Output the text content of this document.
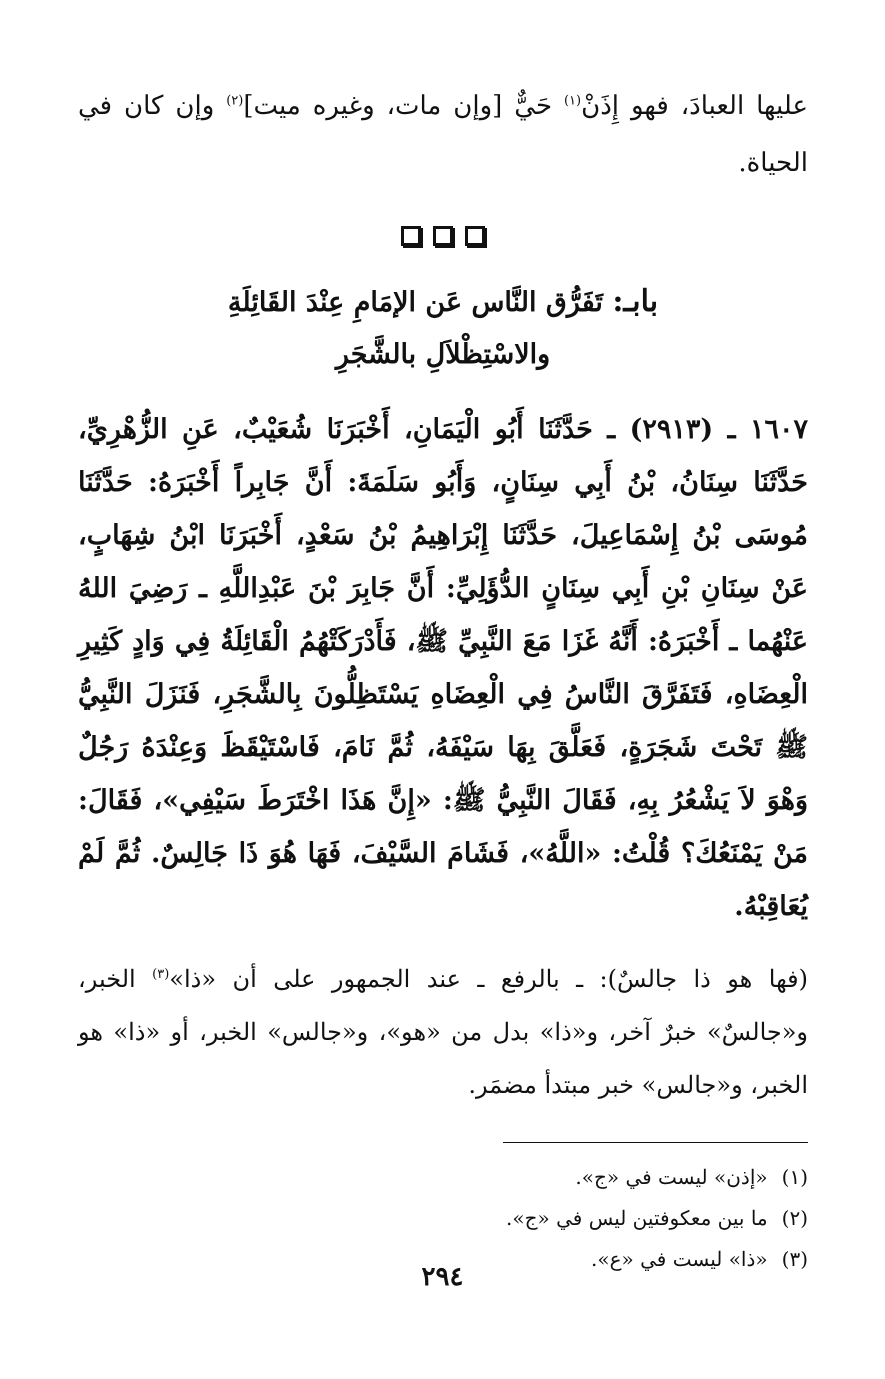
عليها العبادَ، فهو إِذَنْ$^{(١)}$ حَيٌّ [وإن مات، وغيره ميت]$^{(٢)}$ وإن كان في الحياة.

بابـ: تَفَرُّق النَّاس عَن الإمَامِ عِنْدَ القَائِلَةِ
والاسْتِظْلاَلِ بالشَّجَرِ

١٦٠٧ ـ (٢٩١٣) ـ حَدَّثَنَا أَبُو الْيَمَانِ، أَخْبَرَنَا شُعَيْبٌ، عَنِ الزُّهْرِيِّ، حَدَّثَنَا سِنَانُ، بْنُ أَبِي سِنَانٍ، وَأَبُو سَلَمَةَ: أَنَّ جَابِراً أَخْبَرَهُ: حَدَّثَنَا مُوسَى بْنُ إِسْمَاعِيلَ، حَدَّثَنَا إِبْرَاهِيمُ بْنُ سَعْدٍ، أَخْبَرَنَا ابْنُ شِهَابٍ، عَنْ سِنَانِ بْنِ أَبِي سِنَانٍ الدُّؤَلِيِّ: أَنَّ جَابِرَ بْنَ عَبْدِاللَّهِ ـ رَضِيَ اللهُ عَنْهُما ـ أَخْبَرَهُ: أَنَّهُ غَزَا مَعَ النَّبِيِّ ﷺ، فَأَدْرَكَتْهُمُ الْقَائِلَةُ فِي وَادٍ كَثِيرِ الْعِضَاهِ، فَتَفَرَّقَ النَّاسُ فِي الْعِضَاهِ يَسْتَظِلُّونَ بِالشَّجَرِ، فَنَزَلَ النَّبِيُّ ﷺ تَحْتَ شَجَرَةٍ، فَعَلَّقَ بِهَا سَيْفَهُ، ثُمَّ نَامَ، فَاسْتَيْقَظَ وَعِنْدَهُ رَجُلٌ وَهْوَ لاَ يَشْعُرُ بِهِ، فَقَالَ النَّبِيُّ ﷺ: «إِنَّ هَذَا اخْتَرَطَ سَيْفِي»، فَقَالَ: مَنْ يَمْنَعُكَ؟ قُلْتُ: «اللَّهُ»، فَشَامَ السَّيْفَ، فَهَا هُوَ ذَا جَالِسٌ. ثُمَّ لَمْ يُعَاقِبْهُ.

(فها هو ذا جالسٌ): ـ بالرفع ـ عند الجمهور على أن «ذا»$^{(٣)}$ الخبر، و«جالسٌ» خبرٌ آخر، و«ذا» بدل من «هو»، و«جالس» الخبر، أو «ذا» هو الخبر، و«جالس» خبر مبتدأ مضمَر.

(١) «إذن» ليست في «ج».

(٢) ما بين معكوفتين ليس في «ج».

(٣) «ذا» ليست في «ع».

٢٩٤
